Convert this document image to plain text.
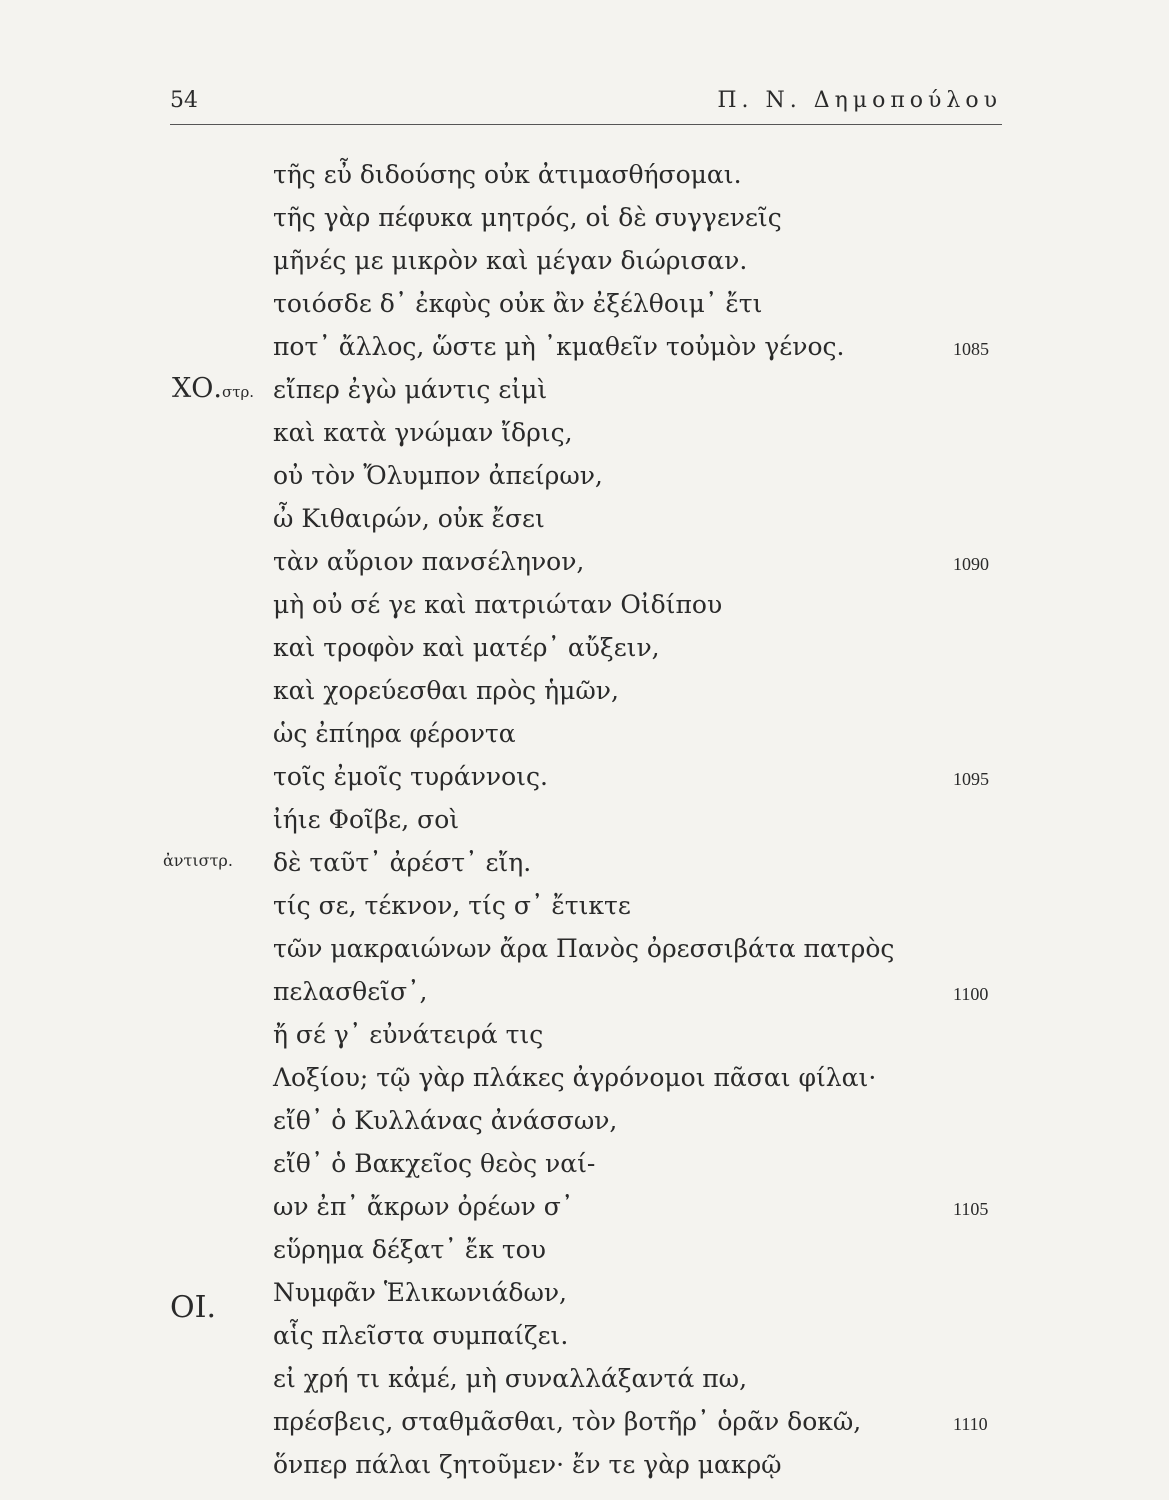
54	Π. Ν. Δημοπούλου
ΧΟ.στρ.
ἀντιστρ.
ΟΙ.
τῆς εὖ διδούσης οὐκ ἀτιμασθήσομαι.
τῆς γὰρ πέφυκα μητρός, οἱ δὲ συγγενεῖς
μῆνές με μικρὸν καὶ μέγαν διώρισαν.
τοιόσδε δ᾿ ἐκφὺς οὐκ ἂν ἐξέλθοιμ᾿ ἔτι
ποτ᾿ ἄλλος, ὥστε μὴ ᾿κμαθεῖν τοὐμὸν γένος.
εἴπερ ἐγὼ μάντις εἰμὶ
καὶ κατὰ γνώμαν ἴδρις,
οὐ τὸν Ὄλυμπον ἀπείρων,
ὦ Κιθαιρών, οὐκ ἔσει
τὰν αὔριον πανσέληνον,
μὴ οὐ σέ γε καὶ πατριώταν Οἰδίπου
καὶ τροφὸν καὶ ματέρ᾿ αὔξειν,
καὶ χορεύεσθαι πρὸς ἡμῶν,
ὡς ἐπίηρα φέροντα
τοῖς ἐμοῖς τυράννοις.
ἰήιε Φοῖβε, σοὶ
δὲ ταῦτ᾿ ἀρέστ᾿ εἴη.
τίς σε, τέκνον, τίς σ᾿ ἔτικτε
τῶν μακραιώνων ἄρα Πανὸς ὀρεσσιβάτα πατρὸς
πελασθεῖσ᾿,
ἤ σέ γ᾿ εὐνάτειρά τις
Λοξίου; τῷ γὰρ πλάκες ἀγρόνομοι πᾶσαι φίλαι·
εἴθ᾿ ὁ Κυλλάνας ἀνάσσων,
εἴθ᾿ ὁ Βακχεῖος θεὸς ναί-
ων ἐπ᾿ ἄκρων ὀρέων σ᾿
εὕρημα δέξατ᾿ ἔκ του
Νυμφᾶν Ἑλικωνιάδων,
αἷς πλεῖστα συμπαίζει.
εἰ χρή τι κἀμέ, μὴ συναλλάξαντά πω,
πρέσβεις, σταθμᾶσθαι, τὸν βοτῆρ᾿ ὁρᾶν δοκῶ,
ὅνπερ πάλαι ζητοῦμεν· ἔν τε γὰρ μακρῷ
1085
1090
1095
1100
1105
1110
